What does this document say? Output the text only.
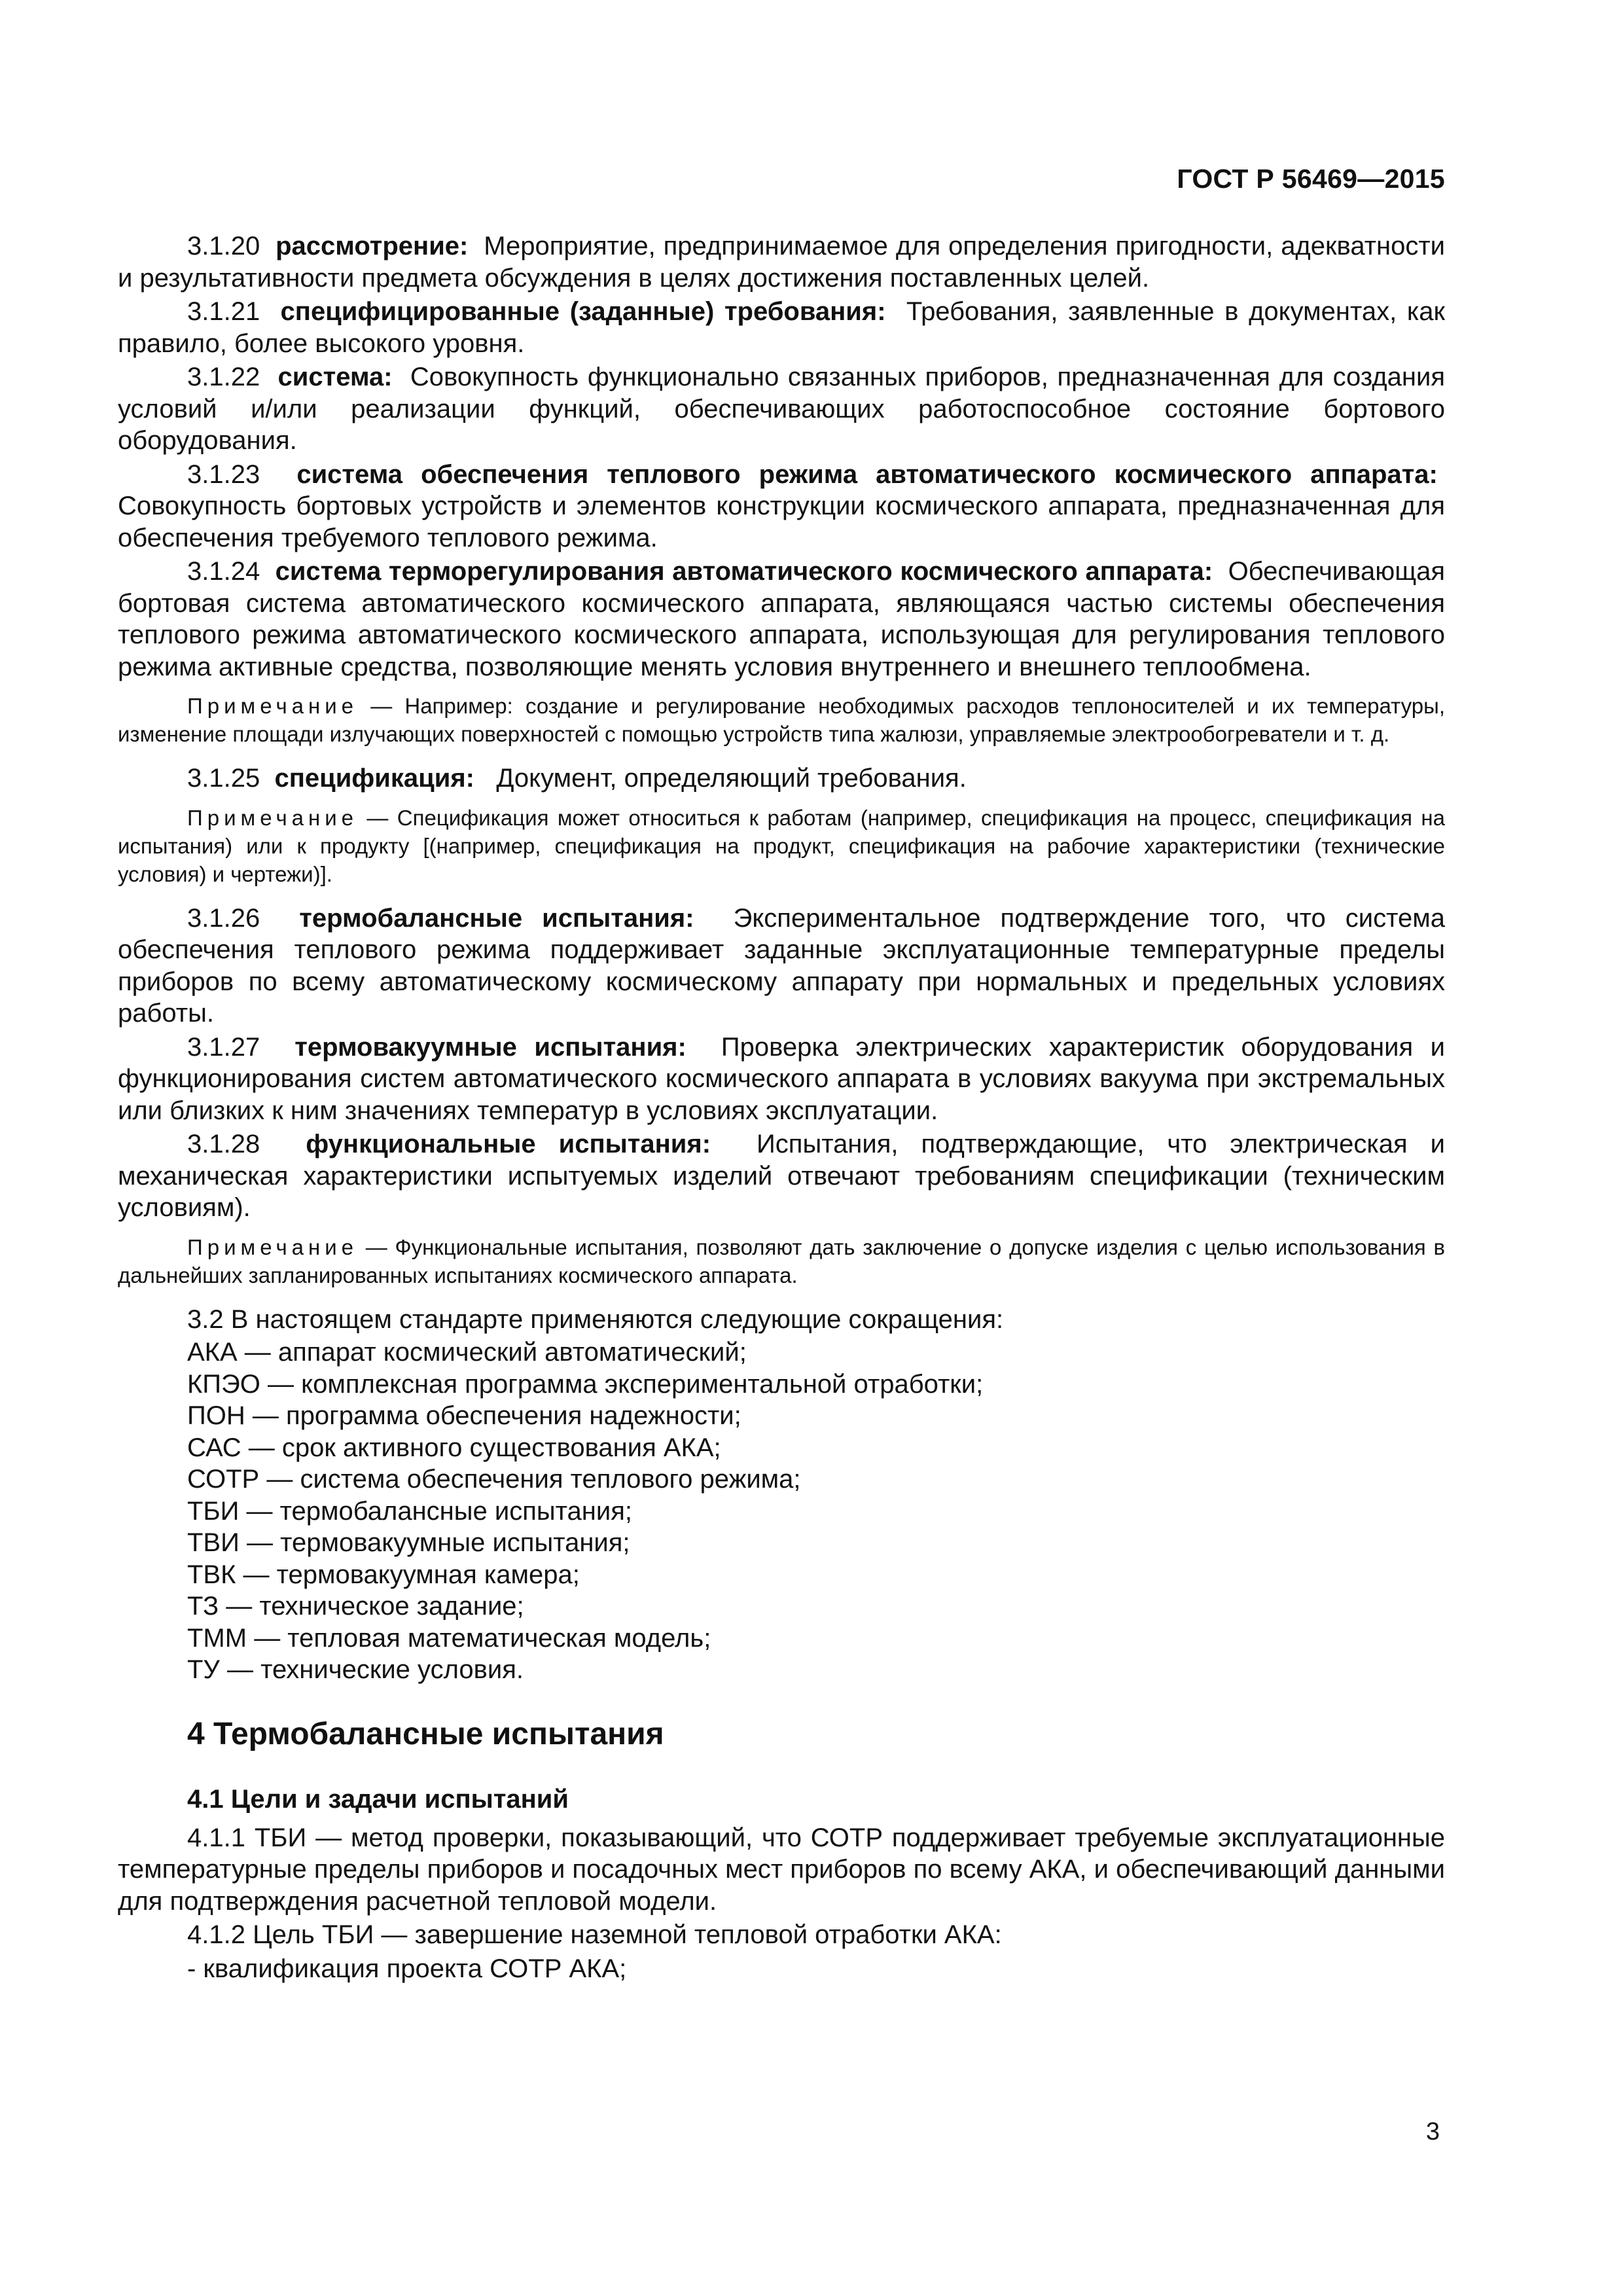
ГОСТ Р 56469—2015

3.1.20 рассмотрение: Мероприятие, предпринимаемое для определения пригодности, адекватности и результативности предмета обсуждения в целях достижения поставленных целей.

3.1.21 специфицированные (заданные) требования: Требования, заявленные в документах, как правило, более высокого уровня.

3.1.22 система: Совокупность функционально связанных приборов, предназначенная для создания условий и/или реализации функций, обеспечивающих работоспособное состояние бортового оборудования.

3.1.23 система обеспечения теплового режима автоматического космического аппарата:  Совокупность бортовых устройств и элементов конструкции космического аппарата, предназначенная для обеспечения требуемого теплового режима.

3.1.24 система терморегулирования автоматического космического аппарата: Обеспечивающая бортовая система автоматического космического аппарата, являющаяся частью системы обеспечения теплового режима автоматического космического аппарата, использующая для регулирования теплового режима активные средства, позволяющие менять условия внутреннего и внешнего теплообмена.

Примечание — Например: создание и регулирование необходимых расходов теплоносителей и их температуры, изменение площади излучающих поверхностей с помощью устройств типа жалюзи, управляемые электрообогреватели и т. д.

3.1.25 спецификация: Документ, определяющий требования.

Примечание — Спецификация может относиться к работам (например, спецификация на процесс, спецификация на испытания) или к продукту [(например, спецификация на продукт, спецификация на рабочие характеристики (технические условия) и чертежи)].

3.1.26 термобалансные испытания: Экспериментальное подтверждение того, что система обеспечения теплового режима поддерживает заданные эксплуатационные температурные пределы приборов по всему автоматическому космическому аппарату при нормальных и предельных условиях работы.

3.1.27 термовакуумные испытания: Проверка электрических характеристик оборудования и функционирования систем автоматического космического аппарата в условиях вакуума при экстремальных или близких к ним значениях температур в условиях эксплуатации.

3.1.28 функциональные испытания: Испытания, подтверждающие, что электрическая и механическая характеристики испытуемых изделий отвечают требованиям спецификации (техническим условиям).

Примечание — Функциональные испытания, позволяют дать заключение о допуске изделия с целью использования в дальнейших запланированных испытаниях космического аппарата.

3.2 В настоящем стандарте применяются следующие сокращения:

АКА — аппарат космический автоматический;

КПЭО — комплексная программа экспериментальной отработки;

ПОН — программа обеспечения надежности;

САС — срок активного существования АКА;

СОТР — система обеспечения теплового режима;

ТБИ — термобалансные испытания;

ТВИ — термовакуумные испытания;

ТВК — термовакуумная камера;

ТЗ — техническое задание;

ТММ — тепловая математическая модель;

ТУ — технические условия.

4 Термобалансные испытания

4.1 Цели и задачи испытаний

4.1.1 ТБИ — метод проверки, показывающий, что СОТР поддерживает требуемые эксплуатационные температурные пределы приборов и посадочных мест приборов по всему АКА, и обеспечивающий данными для подтверждения расчетной тепловой модели.

4.1.2 Цель ТБИ — завершение наземной тепловой отработки АКА:

- квалификация проекта СОТР АКА;

3
